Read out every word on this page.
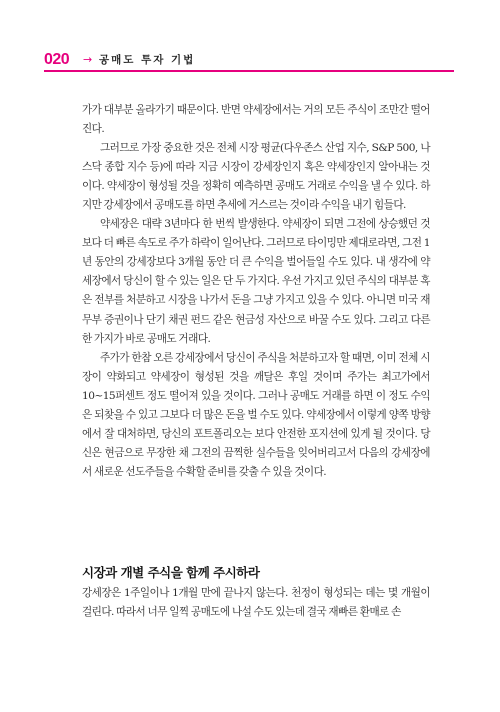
020 → 공매도 투자 기법

가가 대부분 올라가기 때문이다. 반면 약세장에서는 거의 모든 주식이 조만간 떨어진다.

그러므로 가장 중요한 것은 전체 시장 평균(다우존스 산업 지수, S&P 500, 나스닥 종합 지수 등)에 따라 지금 시장이 강세장인지 혹은 약세장인지 알아내는 것이다. 약세장이 형성될 것을 정확히 예측하면 공매도 거래로 수익을 낼 수 있다. 하지만 강세장에서 공매도를 하면 추세에 거스르는 것이라 수익을 내기 힘들다.

약세장은 대략 3년마다 한 번씩 발생한다. 약세장이 되면 그전에 상승했던 것보다 더 빠른 속도로 주가 하락이 일어난다. 그러므로 타이밍만 제대로라면, 그전 1년 동안의 강세장보다 3개월 동안 더 큰 수익을 벌어들일 수도 있다. 내 생각에 약세장에서 당신이 할 수 있는 일은 단 두 가지다. 우선 가지고 있던 주식의 대부분 혹은 전부를 처분하고 시장을 나가서 돈을 그냥 가지고 있을 수 있다. 아니면 미국 재무부 증권이나 단기 채권 펀드 같은 현금성 자산으로 바꿀 수도 있다. 그리고 다른 한 가지가 바로 공매도 거래다.

주가가 한참 오른 강세장에서 당신이 주식을 처분하고자 할 때면, 이미 전체 시장이 약화되고 약세장이 형성된 것을 깨달은 후일 것이며 주가는 최고가에서 10~15퍼센트 정도 떨어져 있을 것이다. 그러나 공매도 거래를 하면 이 정도 수익은 되찾을 수 있고 그보다 더 많은 돈을 벌 수도 있다. 약세장에서 이렇게 양쪽 방향에서 잘 대처하면, 당신의 포트폴리오는 보다 안전한 포지션에 있게 될 것이다. 당신은 현금으로 무장한 채 그전의 끔찍한 실수들을 잊어버리고서 다음의 강세장에서 새로운 선도주들을 수확할 준비를 갖출 수 있을 것이다.

시장과 개별 주식을 함께 주시하라

강세장은 1주일이나 1개월 만에 끝나지 않는다. 천정이 형성되는 데는 몇 개월이 걸린다. 따라서 너무 일찍 공매도에 나설 수도 있는데 결국 재빠른 환매로 손
